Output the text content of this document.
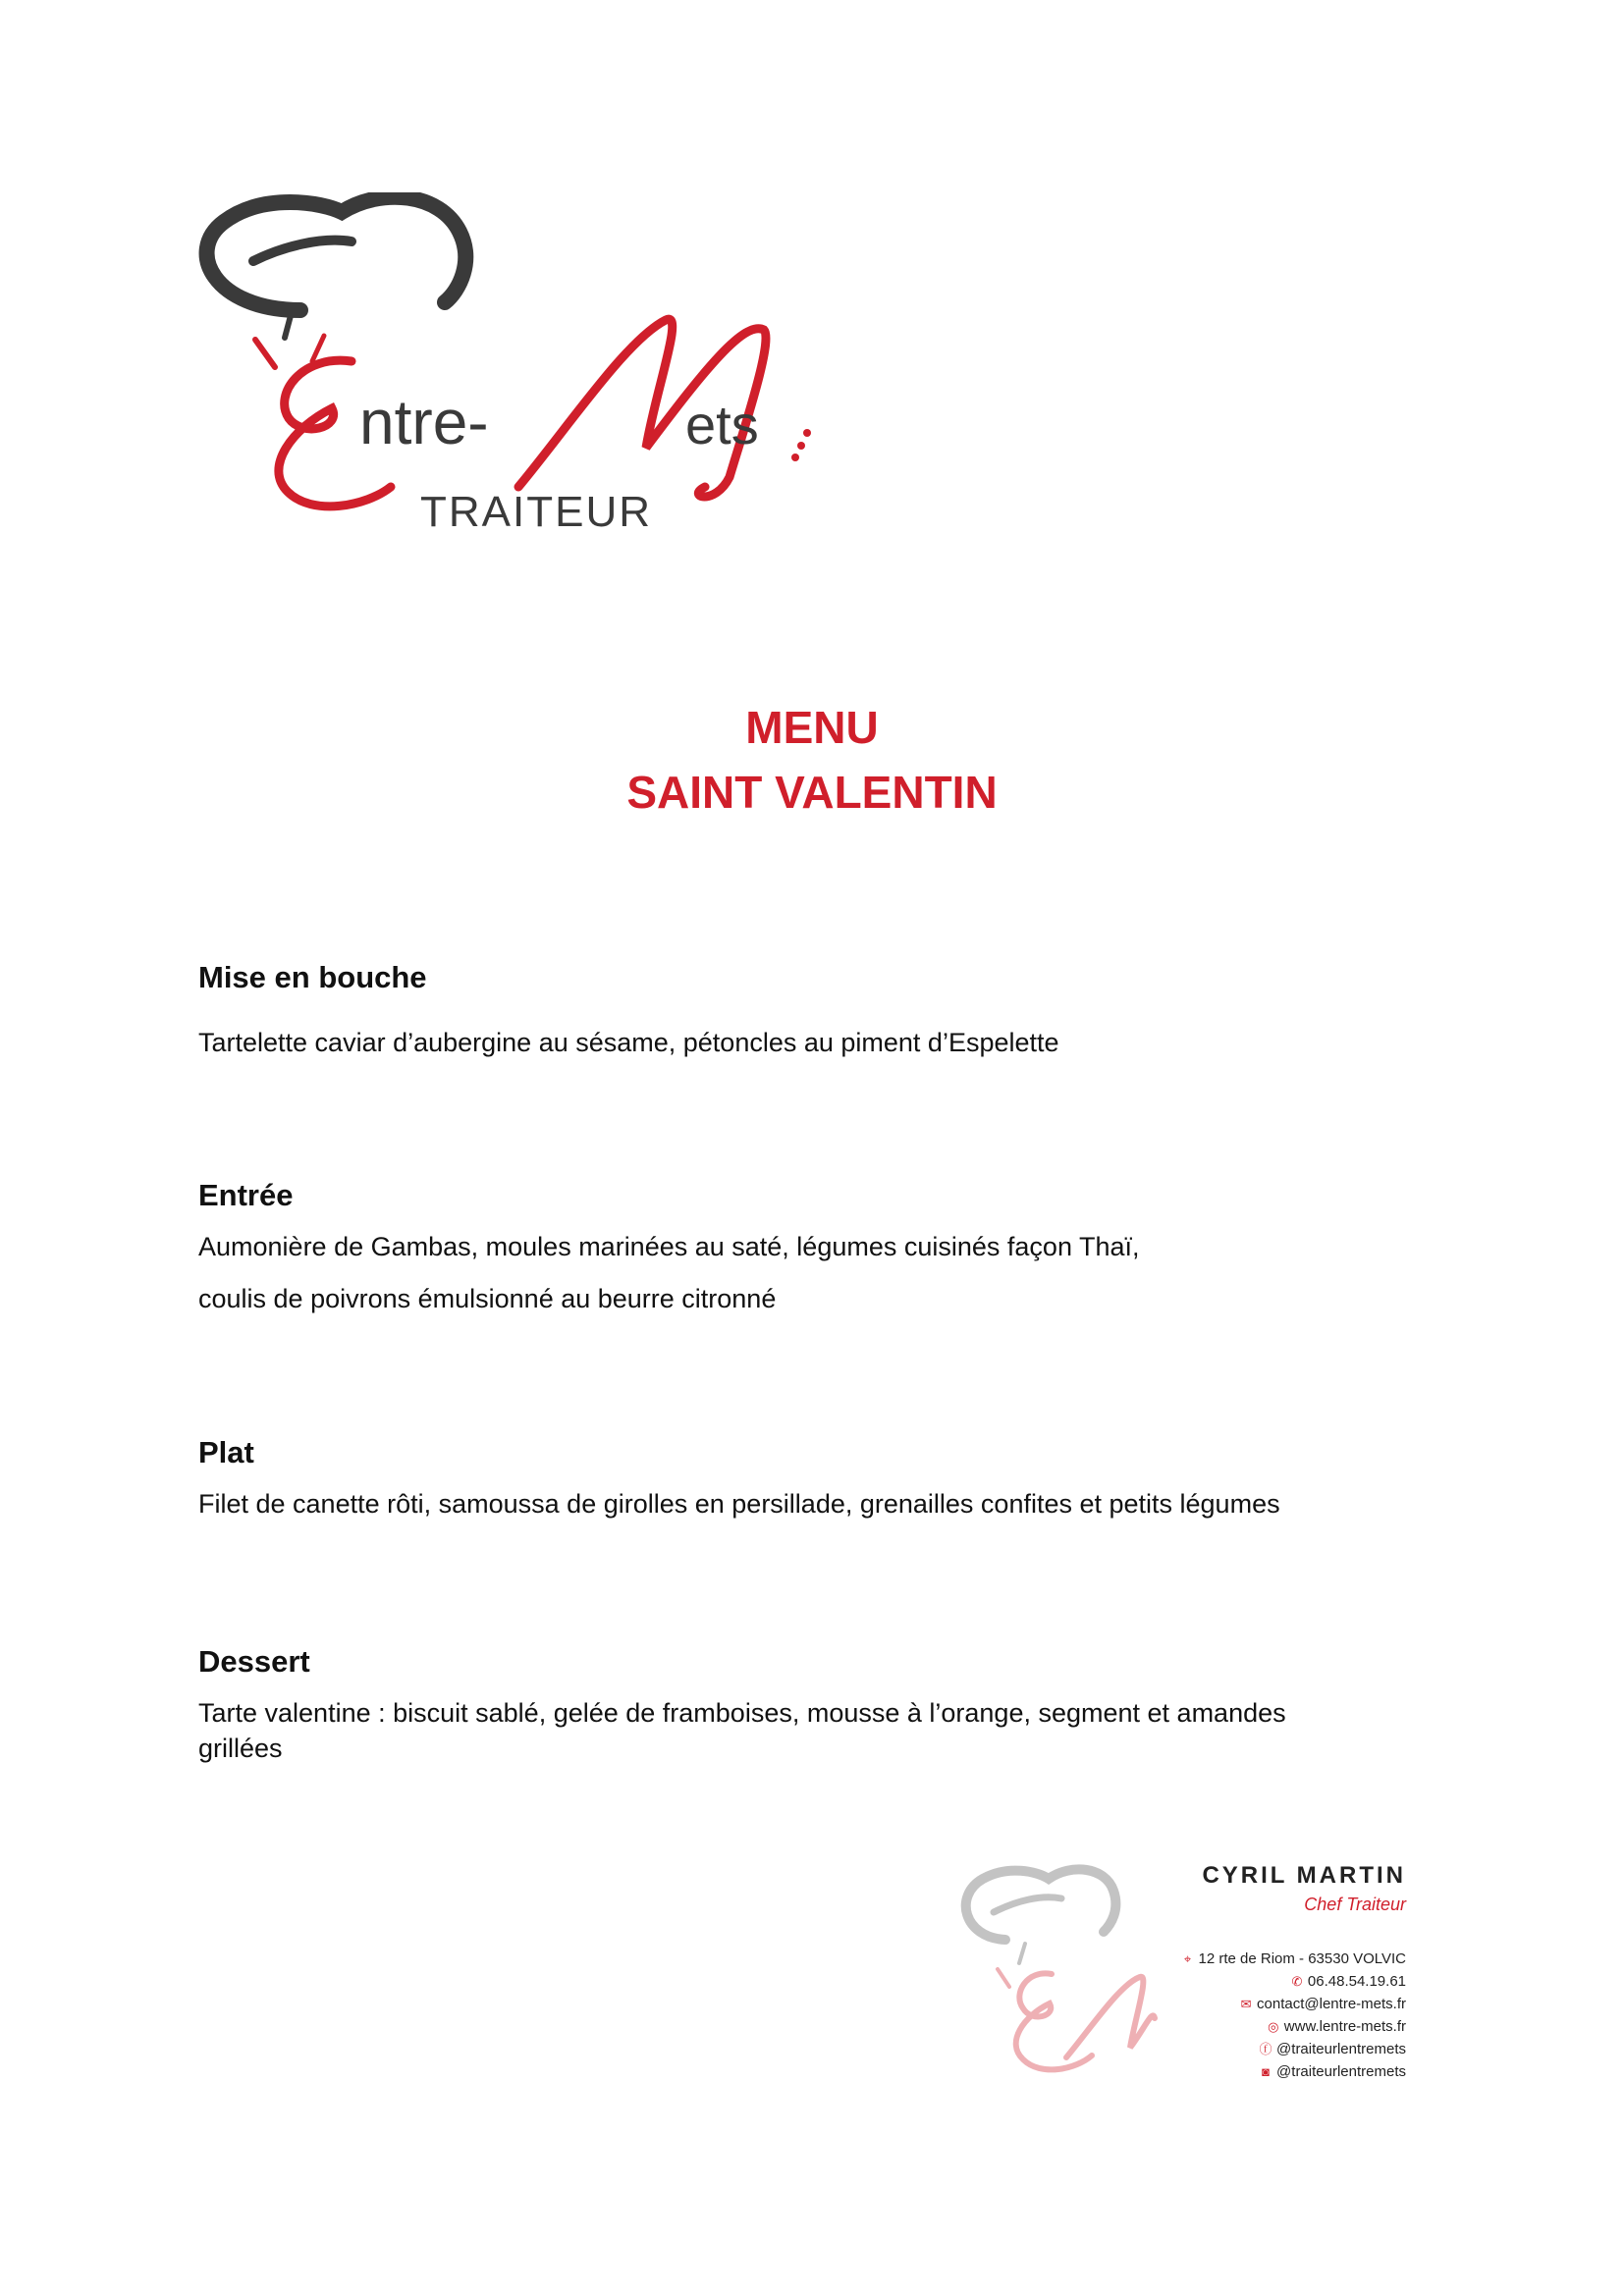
ntre-	ets
TRAITEUR
MENU
SAINT VALENTIN
Mise en bouche
Tartelette caviar d’aubergine au sésame, pétoncles au piment d’Espelette
Entrée
Aumonière de Gambas, moules marinées au saté, légumes cuisinés façon Thaï,
coulis de poivrons émulsionné au beurre citronné
Plat
Filet de canette rôti, samoussa de girolles en persillade, grenailles confites et petits légumes
Dessert
Tarte valentine : biscuit sablé, gelée de framboises, mousse à l’orange, segment et amandes
grillées
CYRIL MARTIN
Chef Traiteur
⌖ 12 rte de Riom - 63530 VOLVIC
✆ 06.48.54.19.61
✉ contact@lentre-mets.fr
◎ www.lentre-mets.fr
ⓕ @traiteurlentremets
◙ @traiteurlentremets
